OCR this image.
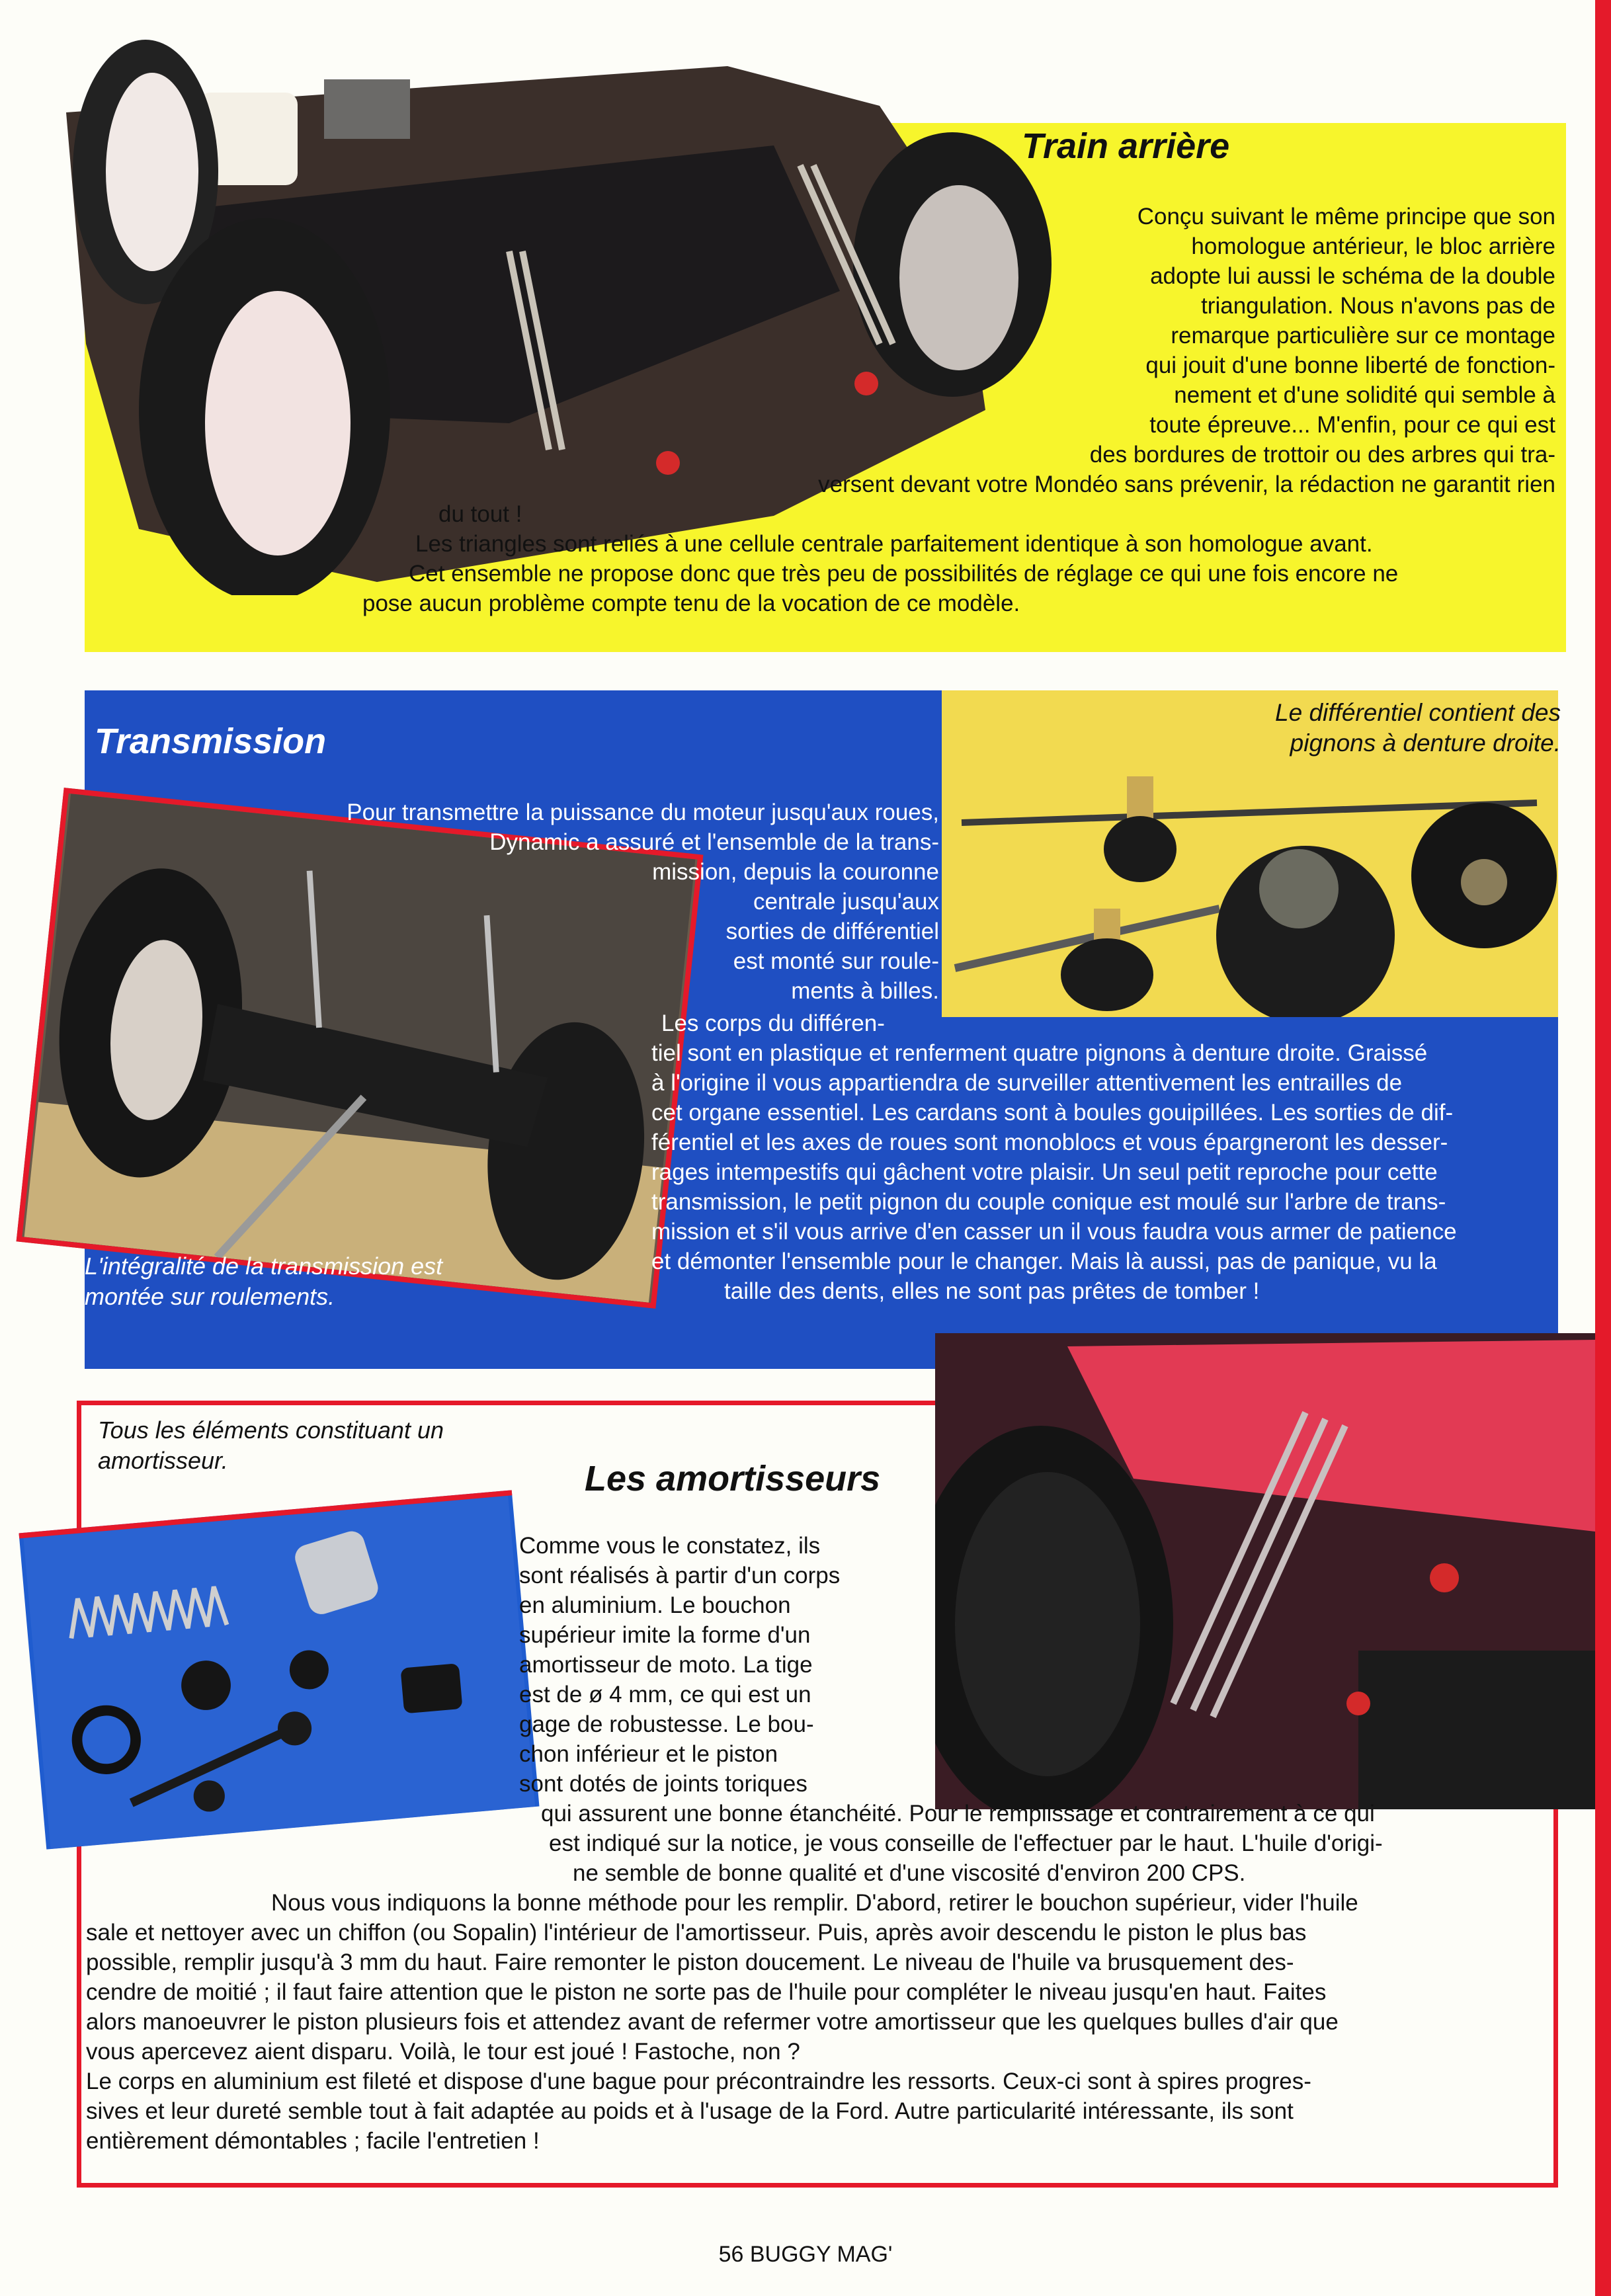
Train arrière

Conçu suivant le même principe que son
homologue antérieur, le bloc arrière
adopte lui aussi le schéma de la double
triangulation. Nous n'avons pas de
remarque particulière sur ce montage
qui jouit d'une bonne liberté de fonction-
nement et d'une solidité qui semble à
toute épreuve... M'enfin, pour ce qui est
des bordures de trottoir ou des arbres qui tra-
versent devant votre Mondéo sans prévenir, la rédaction ne garantit rien

du tout !
Les triangles sont reliés à une cellule centrale parfaitement identique à son homologue avant.
Cet ensemble ne propose donc que très peu de possibilités de réglage ce qui une fois encore ne
pose aucun problème compte tenu de la vocation de ce modèle.

Le différentiel contient des pignons à denture droite.

Transmission

Pour transmettre la puissance du moteur jusqu'aux roues,
Dynamic a assuré et l'ensemble de la trans-
mission, depuis la couronne
centrale jusqu'aux
sorties de différentiel
est monté sur roule-
ments à billes.

Les corps du différen-
tiel sont en plastique et renferment quatre pignons à denture droite. Graissé
à l'origine il vous appartiendra de surveiller attentivement les entrailles de
cet organe essentiel. Les cardans sont à boules gouipillées. Les sorties de dif-
férentiel et les axes de roues sont monoblocs et vous épargneront les desser-
rages intempestifs qui gâchent votre plaisir. Un seul petit reproche pour cette
transmission, le petit pignon du couple conique est moulé sur l'arbre de trans-
mission et s'il vous arrive d'en casser un il vous faudra vous armer de patience
et démonter l'ensemble pour le changer. Mais là aussi, pas de panique, vu la
taille des dents, elles ne sont pas prêtes de tomber !

L'intégralité de la transmission est montée sur roulements.

Tous les éléments constituant un amortisseur.	Les amortisseurs

Comme vous le constatez, ils
sont réalisés à partir d'un corps
en aluminium. Le bouchon
supérieur imite la forme d'un
amortisseur de moto. La tige
est de ø 4 mm, ce qui est un
gage de robustesse. Le bou-
chon inférieur et le piston
sont dotés de joints toriques

qui assurent une bonne étanchéité. Pour le remplissage et contrairement à ce qui
est indiqué sur la notice, je vous conseille de l'effectuer par le haut. L'huile d'origi-
ne semble de bonne qualité et d'une viscosité d'environ 200 CPS.
Nous vous indiquons la bonne méthode pour les remplir. D'abord, retirer le bouchon supérieur, vider l'huile
sale et nettoyer avec un chiffon (ou Sopalin) l'intérieur de l'amortisseur. Puis, après avoir descendu le piston le plus bas
possible, remplir jusqu'à 3 mm du haut. Faire remonter le piston doucement. Le niveau de l'huile va brusquement des-
cendre de moitié ; il faut faire attention que le piston ne sorte pas de l'huile pour compléter le niveau jusqu'en haut. Faites
alors manoeuvrer le piston plusieurs fois et attendez avant de refermer votre amortisseur que les quelques bulles d'air que
vous apercevez aient disparu. Voilà, le tour est joué ! Fastoche, non ?
Le corps en aluminium est fileté et dispose d'une bague pour précontraindre les ressorts. Ceux-ci sont à spires progres-
sives et leur dureté semble tout à fait adaptée au poids et à l'usage de la Ford. Autre particularité intéressante, ils sont
entièrement démontables ; facile l'entretien !

56 BUGGY MAG'
